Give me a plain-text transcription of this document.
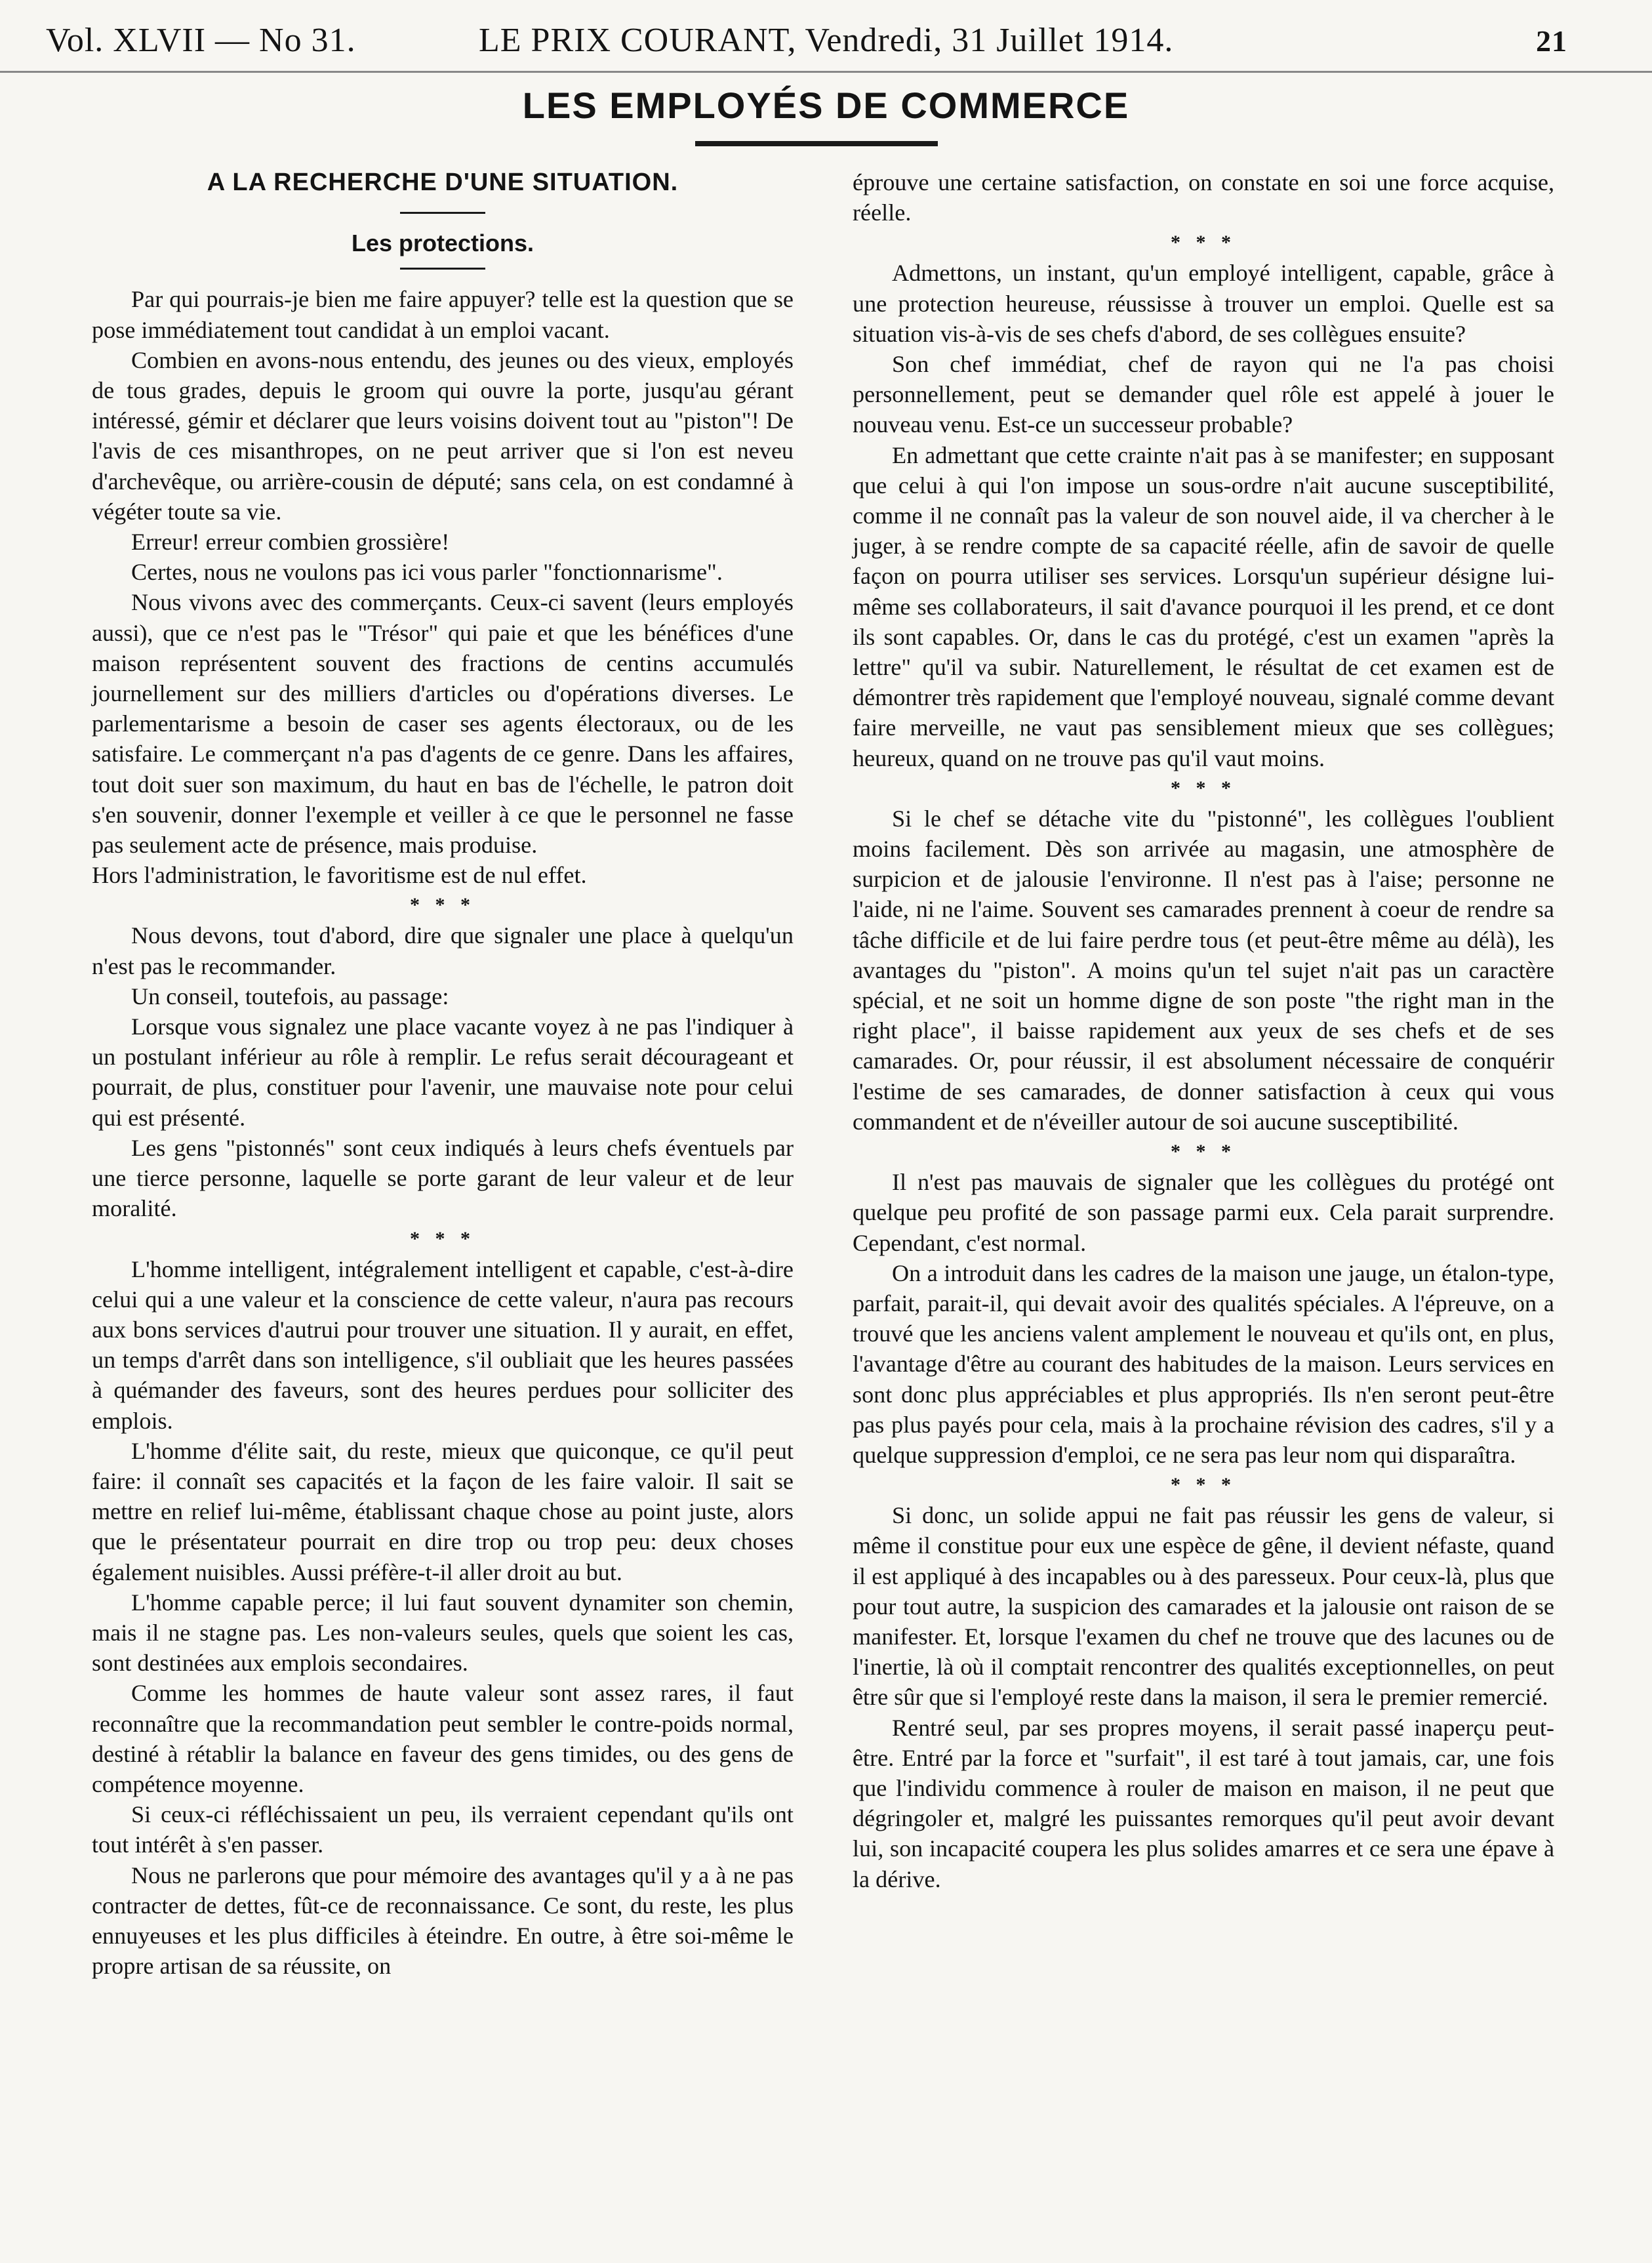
Vol. XLVII — No 31.	LE PRIX COURANT, Vendredi, 31 Juillet 1914.	21
LES EMPLOYÉS DE COMMERCE
A LA RECHERCHE D'UNE SITUATION.
Les protections.

Par qui pourrais-je bien me faire appuyer? telle est la question que se pose immédiatement tout candidat à un emploi vacant.

Combien en avons-nous entendu, des jeunes ou des vieux, employés de tous grades, depuis le groom qui ouvre la porte, jusqu'au gérant intéressé, gémir et déclarer que leurs voisins doivent tout au "piston"! De l'avis de ces misanthropes, on ne peut arriver que si l'on est neveu d'archevêque, ou arrière-cousin de député; sans cela, on est condamné à végéter toute sa vie.

Erreur! erreur combien grossière!

Certes, nous ne voulons pas ici vous parler "fonctionnarisme".

Nous vivons avec des commerçants. Ceux-ci savent (leurs employés aussi), que ce n'est pas le "Trésor" qui paie et que les bénéfices d'une maison représentent souvent des fractions de centins accumulés journellement sur des milliers d'articles ou d'opérations diverses. Le parlementarisme a besoin de caser ses agents électoraux, ou de les satisfaire. Le commerçant n'a pas d'agents de ce genre. Dans les affaires, tout doit suer son maximum, du haut en bas de l'échelle, le patron doit s'en souvenir, donner l'exemple et veiller à ce que le personnel ne fasse pas seulement acte de présence, mais produise.

Hors l'administration, le favoritisme est de nul effet.

* * *

Nous devons, tout d'abord, dire que signaler une place à quelqu'un n'est pas le recommander.

Un conseil, toutefois, au passage:

Lorsque vous signalez une place vacante voyez à ne pas l'indiquer à un postulant inférieur au rôle à remplir. Le refus serait décourageant et pourrait, de plus, constituer pour l'avenir, une mauvaise note pour celui qui est présenté.

Les gens "pistonnés" sont ceux indiqués à leurs chefs éventuels par une tierce personne, laquelle se porte garant de leur valeur et de leur moralité.

* * *

L'homme intelligent, intégralement intelligent et capable, c'est-à-dire celui qui a une valeur et la conscience de cette valeur, n'aura pas recours aux bons services d'autrui pour trouver une situation. Il y aurait, en effet, un temps d'arrêt dans son intelligence, s'il oubliait que les heures passées à quémander des faveurs, sont des heures perdues pour solliciter des emplois.

L'homme d'élite sait, du reste, mieux que quiconque, ce qu'il peut faire: il connaît ses capacités et la façon de les faire valoir. Il sait se mettre en relief lui-même, établissant chaque chose au point juste, alors que le présentateur pourrait en dire trop ou trop peu: deux choses également nuisibles. Aussi préfère-t-il aller droit au but.

L'homme capable perce; il lui faut souvent dynamiter son chemin, mais il ne stagne pas. Les non-valeurs seules, quels que soient les cas, sont destinées aux emplois secondaires.

Comme les hommes de haute valeur sont assez rares, il faut reconnaître que la recommandation peut sembler le contre-poids normal, destiné à rétablir la balance en faveur des gens timides, ou des gens de compétence moyenne.

Si ceux-ci réfléchissaient un peu, ils verraient cependant qu'ils ont tout intérêt à s'en passer.

Nous ne parlerons que pour mémoire des avantages qu'il y a à ne pas contracter de dettes, fût-ce de reconnaissance. Ce sont, du reste, les plus ennuyeuses et les plus difficiles à éteindre. En outre, à être soi-même le propre artisan de sa réussite, on

éprouve une certaine satisfaction, on constate en soi une force acquise, réelle.

* * *

Admettons, un instant, qu'un employé intelligent, capable, grâce à une protection heureuse, réussisse à trouver un emploi. Quelle est sa situation vis-à-vis de ses chefs d'abord, de ses collègues ensuite?

Son chef immédiat, chef de rayon qui ne l'a pas choisi personnellement, peut se demander quel rôle est appelé à jouer le nouveau venu. Est-ce un successeur probable?

En admettant que cette crainte n'ait pas à se manifester; en supposant que celui à qui l'on impose un sous-ordre n'ait aucune susceptibilité, comme il ne connaît pas la valeur de son nouvel aide, il va chercher à le juger, à se rendre compte de sa capacité réelle, afin de savoir de quelle façon on pourra utiliser ses services. Lorsqu'un supérieur désigne lui-même ses collaborateurs, il sait d'avance pourquoi il les prend, et ce dont ils sont capables. Or, dans le cas du protégé, c'est un examen "après la lettre" qu'il va subir. Naturellement, le résultat de cet examen est de démontrer très rapidement que l'employé nouveau, signalé comme devant faire merveille, ne vaut pas sensiblement mieux que ses collègues; heureux, quand on ne trouve pas qu'il vaut moins.

* * *

Si le chef se détache vite du "pistonné", les collègues l'oublient moins facilement. Dès son arrivée au magasin, une atmosphère de surpicion et de jalousie l'environne. Il n'est pas à l'aise; personne ne l'aide, ni ne l'aime. Souvent ses camarades prennent à coeur de rendre sa tâche difficile et de lui faire perdre tous (et peut-être même au délà), les avantages du "piston". A moins qu'un tel sujet n'ait pas un caractère spécial, et ne soit un homme digne de son poste "the right man in the right place", il baisse rapidement aux yeux de ses chefs et de ses camarades. Or, pour réussir, il est absolument nécessaire de conquérir l'estime de ses camarades, de donner satisfaction à ceux qui vous commandent et de n'éveiller autour de soi aucune susceptibilité.

* * *

Il n'est pas mauvais de signaler que les collègues du protégé ont quelque peu profité de son passage parmi eux. Cela parait surprendre. Cependant, c'est normal.

On a introduit dans les cadres de la maison une jauge, un étalon-type, parfait, parait-il, qui devait avoir des qualités spéciales. A l'épreuve, on a trouvé que les anciens valent amplement le nouveau et qu'ils ont, en plus, l'avantage d'être au courant des habitudes de la maison. Leurs services en sont donc plus appréciables et plus appropriés. Ils n'en seront peut-être pas plus payés pour cela, mais à la prochaine révision des cadres, s'il y a quelque suppression d'emploi, ce ne sera pas leur nom qui disparaîtra.

* * *

Si donc, un solide appui ne fait pas réussir les gens de valeur, si même il constitue pour eux une espèce de gêne, il devient néfaste, quand il est appliqué à des incapables ou à des paresseux. Pour ceux-là, plus que pour tout autre, la suspicion des camarades et la jalousie ont raison de se manifester. Et, lorsque l'examen du chef ne trouve que des lacunes ou de l'inertie, là où il comptait rencontrer des qualités exceptionnelles, on peut être sûr que si l'employé reste dans la maison, il sera le premier remercié.

Rentré seul, par ses propres moyens, il serait passé inaperçu peut-être. Entré par la force et "surfait", il est taré à tout jamais, car, une fois que l'individu commence à rouler de maison en maison, il ne peut que dégringoler et, malgré les puissantes remorques qu'il peut avoir devant lui, son incapacité coupera les plus solides amarres et ce sera une épave à la dérive.
